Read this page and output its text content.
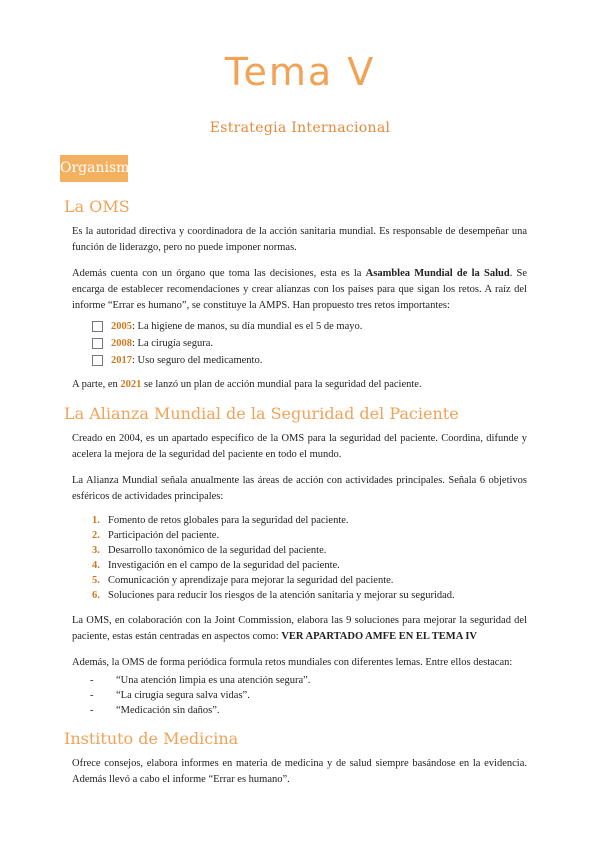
Tema V
Estrategia Internacional
Organismos
La OMS

Es la autoridad directiva y coordinadora de la acción sanitaria mundial. Es responsable de desempeñar una función de liderazgo, pero no puede imponer normas.

Además cuenta con un órgano que toma las decisiones, esta es la Asamblea Mundial de la Salud. Se encarga de establecer recomendaciones y crear alianzas con los países para que sigan los retos. A raíz del informe “Errar es humano”, se constituye la AMPS. Han propuesto tres retos importantes:

2005 : La higiene de manos, su día mundial es el 5 de mayo.
2008 : La cirugía segura.
2017 : Uso seguro del medicamento.

A parte, en 2021 se lanzó un plan de acción mundial para la seguridad del paciente.

La Alianza Mundial de la Seguridad del Paciente

Creado en 2004, es un apartado específico de la OMS para la seguridad del paciente. Coordina, difunde y acelera la mejora de la seguridad del paciente en todo el mundo.

La Alianza Mundial señala anualmente las áreas de acción con actividades principales. Señala 6 objetivos esféricos de actividades principales:

1. Fomento de retos globales para la seguridad del paciente.
2. Participación del paciente.
3. Desarrollo taxonómico de la seguridad del paciente.
4. Investigación en el campo de la seguridad del paciente.
5. Comunicación y aprendizaje para mejorar la seguridad del paciente.
6. Soluciones para reducir los riesgos de la atención sanitaria y mejorar su seguridad.

La OMS, en colaboración con la Joint Commission, elabora las 9 soluciones para mejorar la seguridad del paciente, estas están centradas en aspectos como: VER APARTADO AMFE EN EL TEMA IV

Además, la OMS de forma periódica formula retos mundiales con diferentes lemas. Entre ellos destacan:

-	“Una atención limpia es una atención segura”.
-	“La cirugía segura salva vidas”.
-	“Medicación sin daños”.
Instituto de Medicina

Ofrece consejos, elabora informes en materia de medicina y de salud siempre basándose en la evidencia. Además llevó a cabo el informe “Errar es humano”.
